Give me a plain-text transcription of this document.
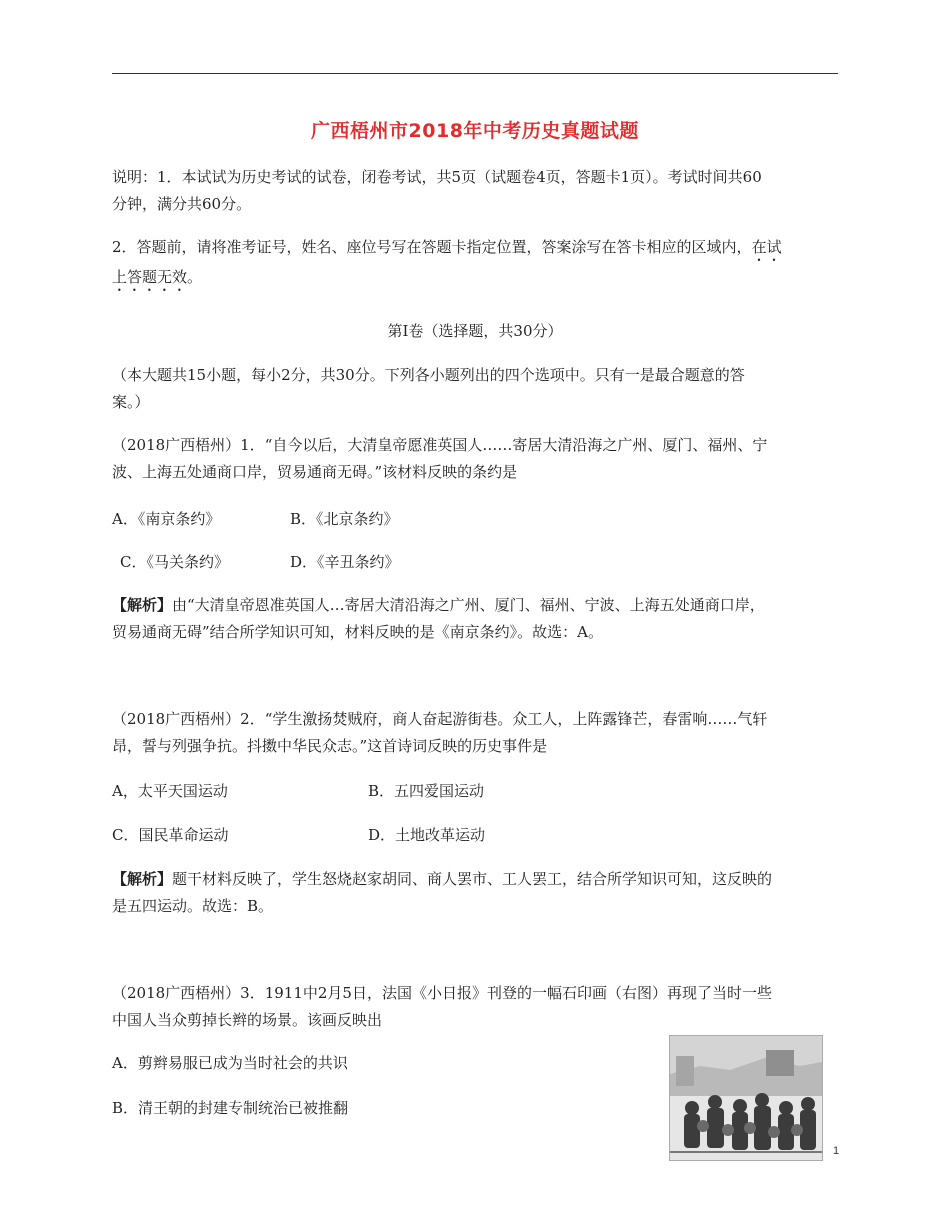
广西梧州市2018年中考历史真题试题
说明：1．本试试为历史考试的试卷，闭卷考试，共5页（试题卷4页，答题卡1页）。考试时间共60
分钟，满分共60分。
2．答题前，请将准考证号，姓名、座位号写在答题卡指定位置，答案涂写在答卡相应的区域内，在试
上答题无效。
第Ⅰ卷（选择题，共30分）
（本大题共15小题，每小2分，共30分。下列各小题列出的四个选项中。只有一是最合题意的答
案。）
（2018广西梧州）1．“自今以后，大清皇帝愿准英国人……寄居大清沿海之广州、厦门、福州、宁
波、上海五处通商口岸，贸易通商无碍。”该材料反映的条约是
A．《南京条约》	B．《北京条约》
C．《马关条约》	D．《辛丑条约》
【解析】由“大清皇帝恩准英国人…寄居大清沿海之广州、厦门、福州、宁波、上海五处通商口岸，
贸易通商无碍”结合所学知识可知，材料反映的是《南京条约》。故选：A。
（2018广西梧州）2．“学生激扬焚贼府，商人奋起游街巷。众工人，上阵露锋芒，春雷响……气轩
昂，誓与列强争抗。抖擞中华民众志。”这首诗词反映的历史事件是
A，太平天国运动	B．五四爱国运动
C．国民革命运动	D．土地改革运动
【解析】题干材料反映了，学生怒烧赵家胡同、商人罢市、工人罢工，结合所学知识可知，这反映的
是五四运动。故选：B。
（2018广西梧州）3．1911中2月5日，法国《小日报》刊登的一幅石印画（右图）再现了当时一些
中国人当众剪掉长辫的场景。该画反映出
A．剪辫易服已成为当时社会的共识
B．清王朝的封建专制统治已被推翻
1
